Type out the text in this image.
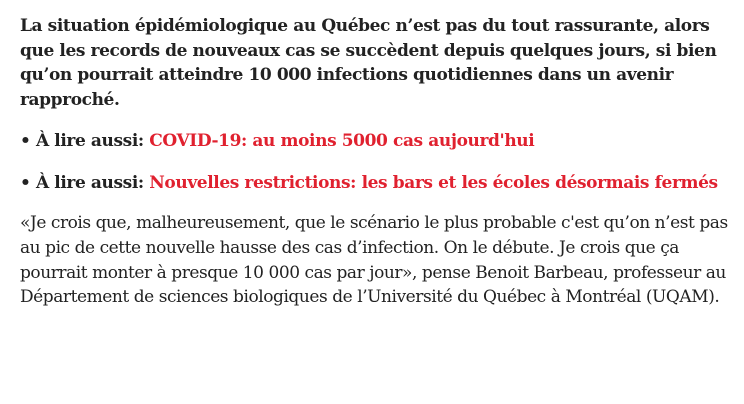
La situation épidémiologique au Québec n’est pas du tout rassurante, alors que les records de nouveaux cas se succèdent depuis quelques jours, si bien qu’on pourrait atteindre 10 000 infections quotidiennes dans un avenir rapproché.

• À lire aussi: COVID-19: au moins 5000 cas aujourd'hui

• À lire aussi: Nouvelles restrictions: les bars et les écoles désormais fermés

«Je crois que, malheureusement, que le scénario le plus probable c'est qu’on n’est pas au pic de cette nouvelle hausse des cas d’infection. On le débute. Je crois que ça pourrait monter à presque 10 000 cas par jour», pense Benoit Barbeau, professeur au Département de sciences biologiques de l’Université du Québec à Montréal (UQAM).
